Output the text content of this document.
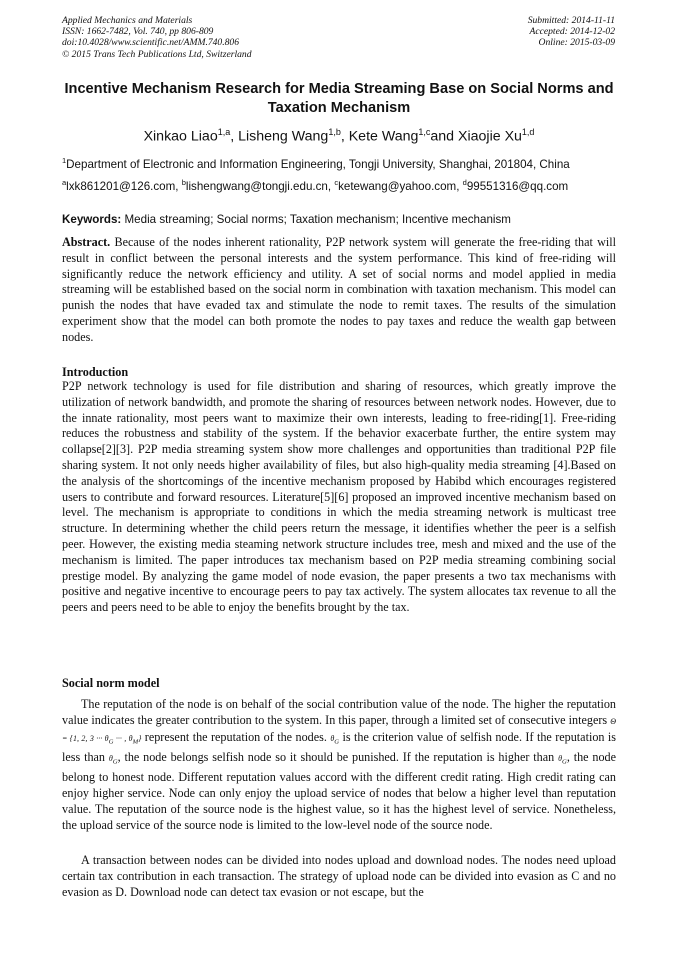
Applied Mechanics and Materials
ISSN: 1662-7482, Vol. 740, pp 806-809
doi:10.4028/www.scientific.net/AMM.740.806
© 2015 Trans Tech Publications Ltd, Switzerland
Submitted: 2014-11-11
Accepted: 2014-12-02
Online: 2015-03-09
Incentive Mechanism Research for Media Streaming Base on Social Norms and Taxation Mechanism
Xinkao Liao$^{1,a}$, Lisheng Wang$^{1,b}$, Kete Wang$^{1,c}$and Xiaojie Xu$^{1,d}$
$^1$Department of Electronic and Information Engineering, Tongji University, Shanghai, 201804, China
$^a$lxk861201@126.com, $^b$lishengwang@tongji.edu.cn, $^c$ketewang@yahoo.com, $^d$99551316@qq.com
Keywords: Media streaming; Social norms; Taxation mechanism; Incentive mechanism
Abstract. Because of the nodes inherent rationality, P2P network system will generate the free-riding that will result in conflict between the personal interests and the system performance. This kind of free-riding will significantly reduce the network efficiency and utility. A set of social norms and model applied in media streaming will be established based on the social norm in combination with taxation mechanism. This model can punish the nodes that have evaded tax and stimulate the node to remit taxes. The results of the simulation experiment show that the model can both promote the nodes to pay taxes and reduce the wealth gap between nodes.
Introduction
P2P network technology is used for file distribution and sharing of resources, which greatly improve the utilization of network bandwidth, and promote the sharing of resources between network nodes. However, due to the innate rationality, most peers want to maximize their own interests, leading to free-riding[1]. Free-riding reduces the robustness and stability of the system. If the behavior exacerbate further, the entire system may collapse[2][3]. P2P media streaming system show more challenges and opportunities than traditional P2P file sharing system. It not only needs higher availability of files, but also high-quality media streaming [4].Based on the analysis of the shortcomings of the incentive mechanism proposed by Habibd which encourages registered users to contribute and forward resources. Literature[5][6] proposed an improved incentive mechanism based on level. The mechanism is appropriate to conditions in which the media streaming network is multicast tree structure. In determining whether the child peers return the message, it identifies whether the peer is a selfish peer. However, the existing media steaming network structure includes tree, mesh and mixed and the use of the mechanism is limited. The paper introduces tax mechanism based on P2P media streaming combining social prestige model. By analyzing the game model of node evasion, the paper presents a two tax mechanisms with positive and negative incentive to encourage peers to pay tax actively. The system allocates tax revenue to all the peers and peers need to be able to enjoy the benefits brought by the tax.
Social norm model
The reputation of the node is on behalf of the social contribution value of the node. The higher the reputation value indicates the greater contribution to the system. In this paper, through a limited set of consecutive integers Θ = {1, 2, 3 ··· $\theta_G$ ··· , $\theta_M$} represent the reputation of the nodes. $\theta_G$ is the criterion value of selfish node. If the reputation is less than $\theta_G$, the node belongs selfish node so it should be punished. If the reputation is higher than $\theta_G$, the node belong to honest node. Different reputation values accord with the different credit rating. High credit rating can enjoy higher service. Node can only enjoy the upload service of nodes that below a higher level than reputation value. The reputation of the source node is the highest value, so it has the highest level of service. Nonetheless, the upload service of the source node is limited to the low-level node of the source node.
A transaction between nodes can be divided into nodes upload and download nodes. The nodes need upload certain tax contribution in each transaction. The strategy of upload node can be divided into evasion as C and no evasion as D. Download node can detect tax evasion or not escape, but the
